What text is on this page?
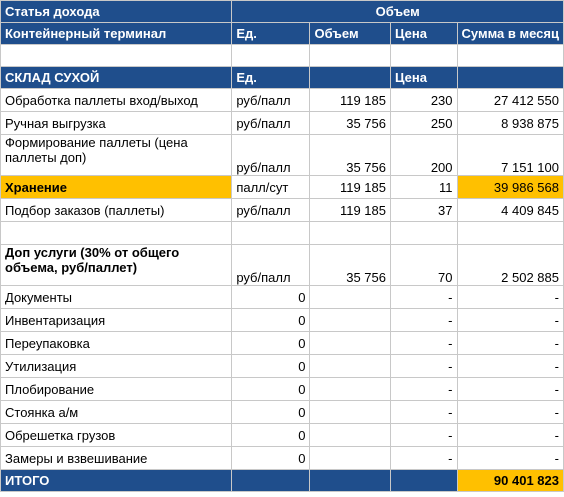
Статья дохода	Объем			
Контейнерный терминал	Ед.	Объем	Цена	Сумма в месяц

СКЛАД СУХОЙ	Ед.		Цена	
Обработка паллеты вход/выход	руб/палл	119 185	230	27 412 550
Ручная выгрузка	руб/палл	35 756	250	8 938 875
Формирование паллеты (цена паллеты доп)	руб/палл	35 756	200	7 151 100
Хранение	палл/сут	119 185	11	39 986 568
Подбор заказов (паллеты)	руб/палл	119 185	37	4 409 845

Доп услуги (30% от общего объема, руб/паллет)	руб/палл	35 756	70	2 502 885
Документы	0		-	-
Инвентаризация	0		-	-
Переупаковка	0		-	-
Утилизация	0		-	-
Плобирование	0		-	-
Стоянка а/м	0		-	-
Обрешетка грузов	0		-	-
Замеры и взвешивание	0		-	-
ИТОГО				90 401 823
